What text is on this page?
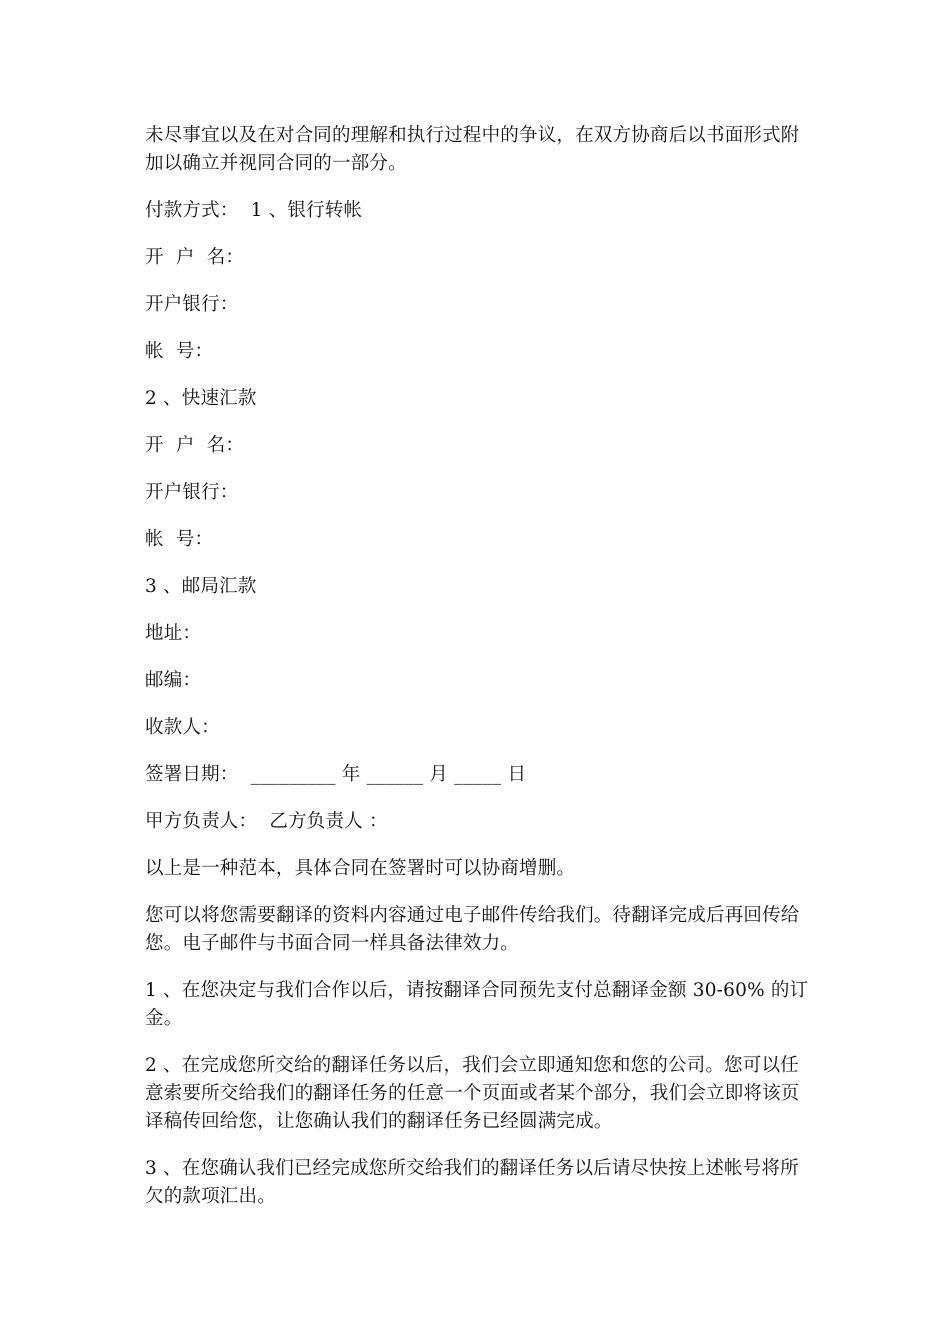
未尽事宜以及在对合同的理解和执行过程中的争议，在双方协商后以书面形式附加以确立并视同合同的一部分。

付款方式：  1 、银行转帐

开  户  名：

开户银行：

帐  号：

2 、快速汇款

开  户  名：

开户银行：

帐  号：

3 、邮局汇款

地址：

邮编：

收款人：

签署日期：  _________ 年 ______ 月 _____ 日

甲方负责人：  乙方负责人 ：

以上是一种范本，具体合同在签署时可以协商增删。

您可以将您需要翻译的资料内容通过电子邮件传给我们。待翻译完成后再回传给您。电子邮件与书面合同一样具备法律效力。

1 、在您决定与我们合作以后，请按翻译合同预先支付总翻译金额 30-60% 的订金。

2 、在完成您所交给的翻译任务以后，我们会立即通知您和您的公司。您可以任意索要所交给我们的翻译任务的任意一个页面或者某个部分，我们会立即将该页译稿传回给您，让您确认我们的翻译任务已经圆满完成。

3 、在您确认我们已经完成您所交给我们的翻译任务以后请尽快按上述帐号将所欠的款项汇出。
